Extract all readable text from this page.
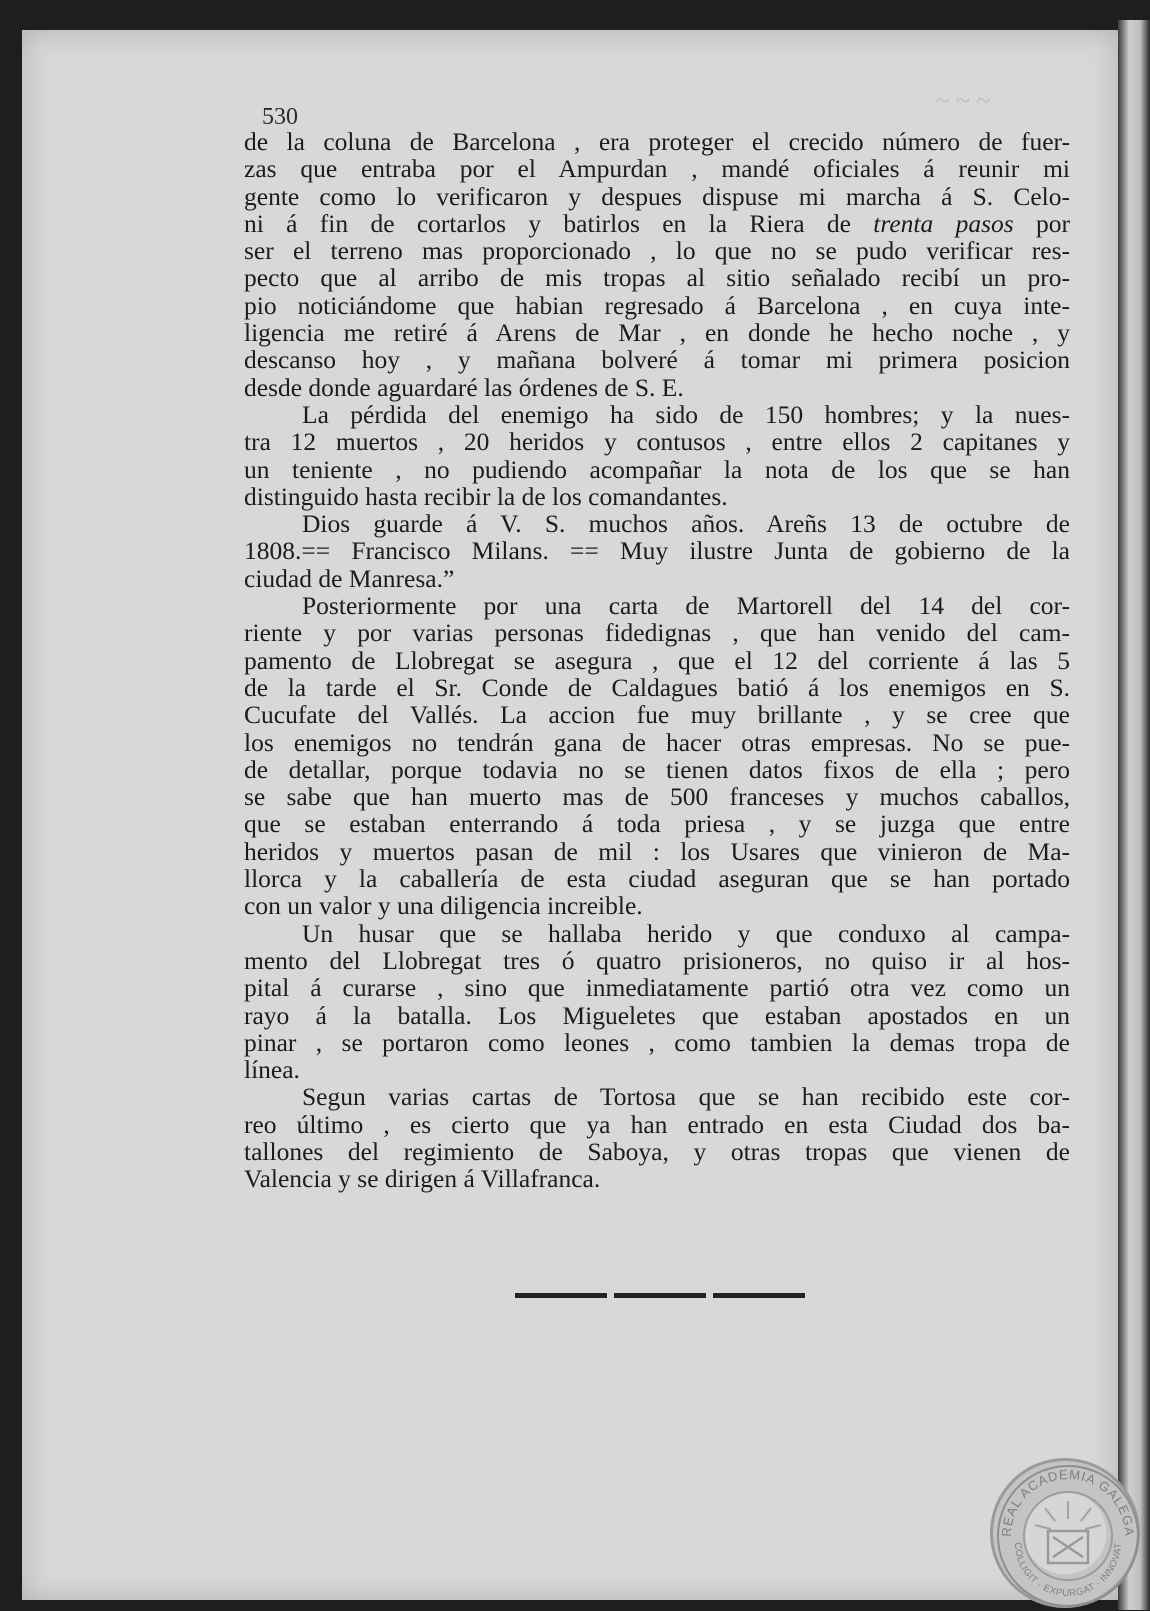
~ ~ ~
530
de la coluna de Barcelona , era proteger el crecido número de fuer-
zas que entraba por el Ampurdan , mandé oficiales á reunir mi
gente como lo verificaron y despues dispuse mi marcha á S. Celo-
ni á fin de cortarlos y batirlos en la Riera de trenta pasos por
ser el terreno mas proporcionado , lo que no se pudo verificar res-
pecto que al arribo de mis tropas al sitio señalado recibí un pro-
pio noticiándome que habian regresado á Barcelona , en cuya inte-
ligencia me retiré á Arens de Mar , en donde he hecho noche , y
descanso hoy , y mañana bolveré á tomar mi primera posicion
desde donde aguardaré las órdenes de S. E.
La pérdida del enemigo ha sido de 150 hombres; y la nues-
tra 12 muertos , 20 heridos y contusos , entre ellos 2 capitanes y
un teniente , no pudiendo acompañar la nota de los que se han
distinguido hasta recibir la de los comandantes.
Dios guarde á V. S. muchos años. Areñs 13 de octubre de
1808.== Francisco Milans. == Muy ilustre Junta de gobierno de la
ciudad de Manresa.”
Posteriormente por una carta de Martorell del 14 del cor-
riente y por varias personas fidedignas , que han venido del cam-
pamento de Llobregat se asegura , que el 12 del corriente á las 5
de la tarde el Sr. Conde de Caldagues batió á los enemigos en S.
Cucufate del Vallés. La accion fue muy brillante , y se cree que
los enemigos no tendrán gana de hacer otras empresas. No se pue-
de detallar, porque todavia no se tienen datos fixos de ella ; pero
se sabe que han muerto mas de 500 franceses y muchos caballos,
que se estaban enterrando á toda priesa , y se juzga que entre
heridos y muertos pasan de mil : los Usares que vinieron de Ma-
llorca y la caballería de esta ciudad aseguran que se han portado
con un valor y una diligencia increible.
Un husar que se hallaba herido y que conduxo al campa-
mento del Llobregat tres ó quatro prisioneros, no quiso ir al hos-
pital á curarse , sino que inmediatamente partió otra vez como un
rayo á la batalla. Los Migueletes que estaban apostados en un
pinar , se portaron como leones , como tambien la demas tropa de
línea.
Segun varias cartas de Tortosa que se han recibido este cor-
reo último , es cierto que ya han entrado en esta Ciudad dos ba-
tallones del regimiento de Saboya, y otras tropas que vienen de
Valencia y se dirigen á Villafranca.
REAL ACADEMIA GALEGA
COLLIGIT · EXPURGAT · INNOVAT
